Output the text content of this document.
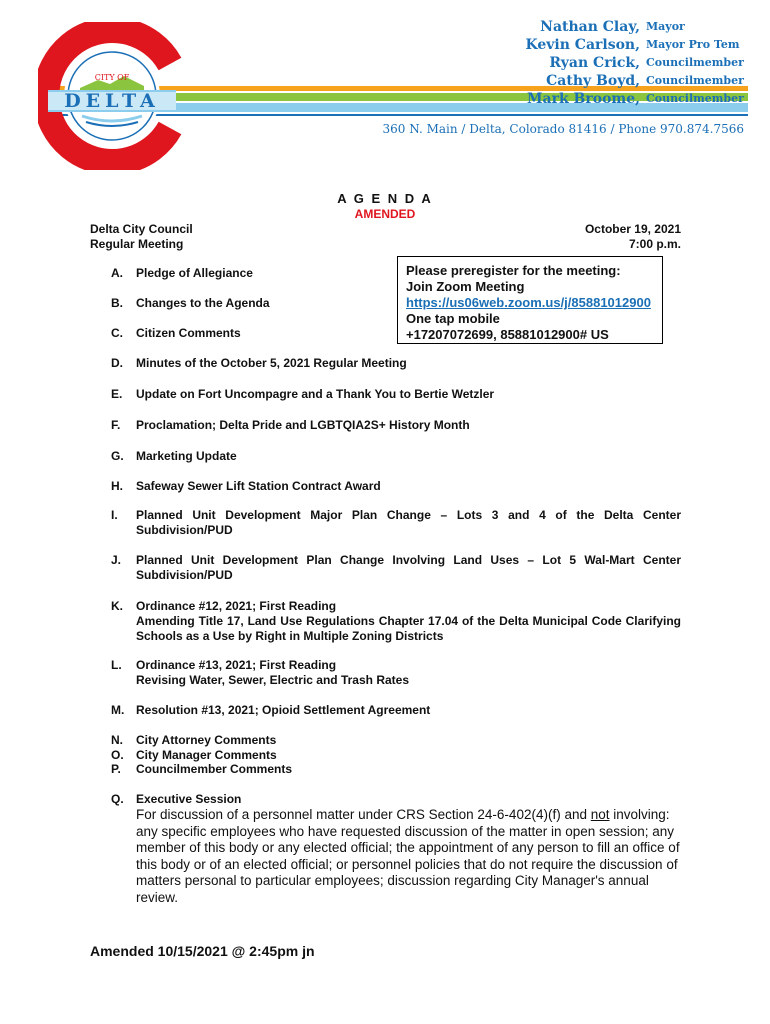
CITY OF
DELTA
EST. 1882
Nathan Clay, Mayor
Kevin Carlson, Mayor Pro Tem
Ryan Crick, Councilmember
Cathy Boyd, Councilmember
Mark Broome, Councilmember
360 N. Main / Delta, Colorado 81416 / Phone 970.874.7566
A G E N D A
AMENDED
Delta City Council
Regular Meeting
October 19, 2021
7:00 p.m.
Please preregister for the meeting:
Join Zoom Meeting
https://us06web.zoom.us/j/85881012900
One tap mobile
+17207072699, 85881012900# US
A.	Pledge of Allegiance
B.	Changes to the Agenda
C.	Citizen Comments
D.	Minutes of the October 5, 2021 Regular Meeting
E.	Update on Fort Uncompagre and a Thank You to Bertie Wetzler
F.	Proclamation; Delta Pride and LGBTQIA2S+ History Month
G.	Marketing Update
H.	Safeway Sewer Lift Station Contract Award
I.	Planned Unit Development Major Plan Change – Lots 3 and 4 of the Delta Center Subdivision/PUD
J.	Planned Unit Development Plan Change Involving Land Uses – Lot 5 Wal-Mart Center Subdivision/PUD
K.	Ordinance #12, 2021; First Reading
Amending Title 17, Land Use Regulations Chapter 17.04 of the Delta Municipal Code Clarifying Schools as a Use by Right in Multiple Zoning Districts
L.	Ordinance #13, 2021; First Reading
Revising Water, Sewer, Electric and Trash Rates
M. Resolution #13, 2021; Opioid Settlement Agreement
N.	City Attorney Comments
O.	City Manager Comments
P.	Councilmember Comments
Q.	Executive Session
For discussion of a personnel matter under CRS Section 24-6-402(4)(f) and not involving: any specific employees who have requested discussion of the matter in open session; any member of this body or any elected official; the appointment of any person to fill an office of this body or of an elected official; or personnel policies that do not require the discussion of matters personal to particular employees; discussion regarding City Manager's annual review.
Amended 10/15/2021 @ 2:45pm jn
